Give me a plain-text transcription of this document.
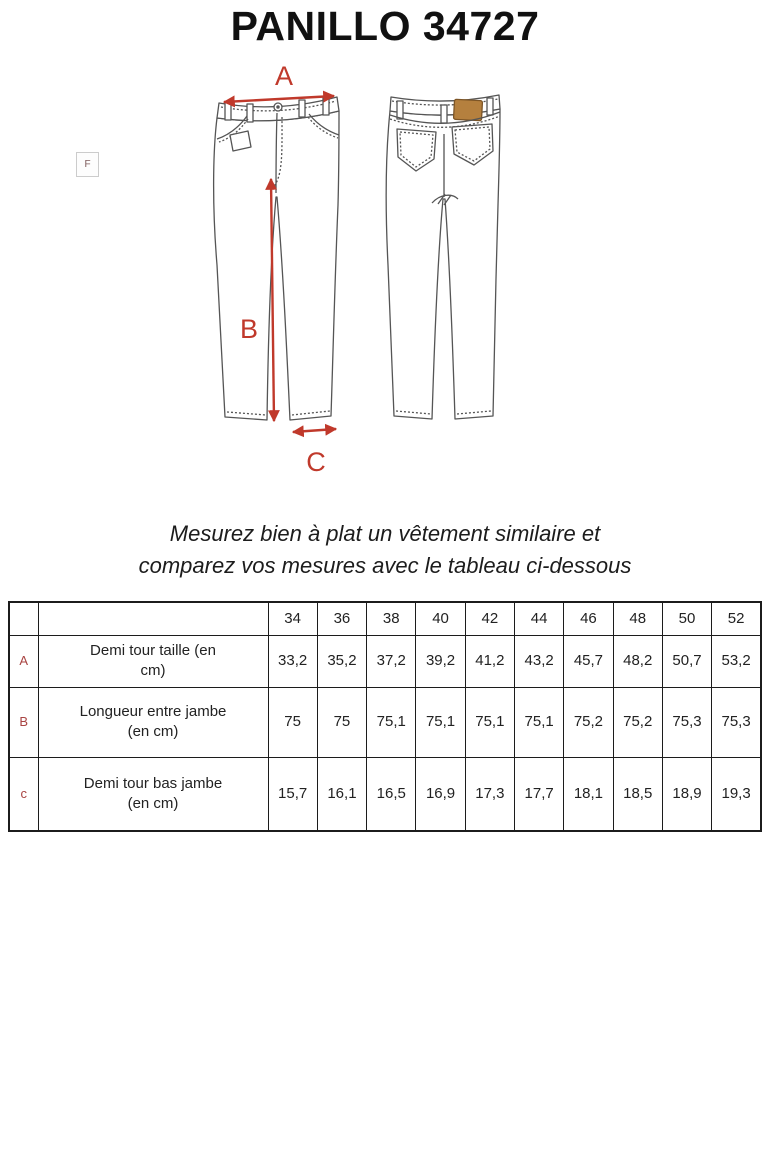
PANILLO 34727
F
A
B
C
Mesurez bien à plat un vêtement similaire et
comparez vos mesures avec le tableau ci-dessous
		34	36	38	40	42	44	46	48	50	52
A	Demi tour taille (en
cm)	33,2	35,2	37,2	39,2	41,2	43,2	45,7	48,2	50,7	53,2
B	Longueur entre jambe
(en cm)	75	75	75,1	75,1	75,1	75,1	75,2	75,2	75,3	75,3
c	Demi tour bas jambe
(en cm)	15,7	16,1	16,5	16,9	17,3	17,7	18,1	18,5	18,9	19,3
